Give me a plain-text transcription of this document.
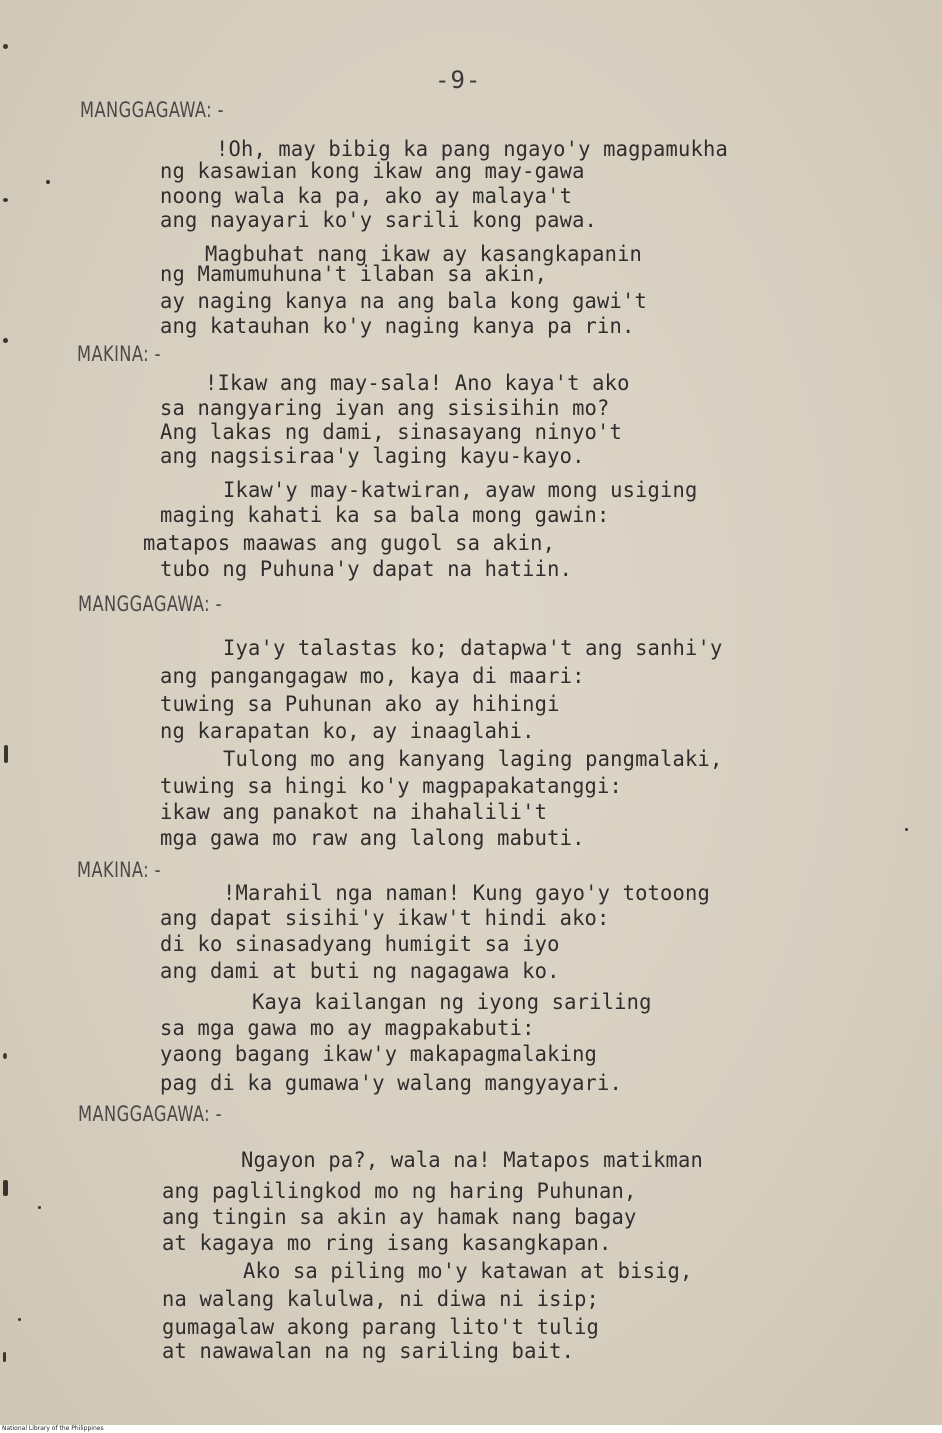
-9-
MANGGAGAWA: -
!Oh, may bibig ka pang ngayo'y magpamukha
ng kasawian kong ikaw ang may-gawa
noong wala ka pa, ako ay malaya't
ang nayayari ko'y sarili kong pawa.
Magbuhat nang ikaw ay kasangkapanin
ng Mamumuhuna't ilaban sa akin,
ay naging kanya na ang bala kong gawi't
ang katauhan ko'y naging kanya pa rin.
MAKINA: -
!Ikaw ang may-sala! Ano kaya't ako
sa nangyaring iyan ang sisisihin mo?
Ang lakas ng dami, sinasayang ninyo't
ang nagsisiraa'y laging kayu-kayo.
Ikaw'y may-katwiran, ayaw mong usiging
maging kahati ka sa bala mong gawin:
matapos maawas ang gugol sa akin,
tubo ng Puhuna'y dapat na hatiin.
MANGGAGAWA: -
Iya'y talastas ko; datapwa't ang sanhi'y
ang pangangagaw mo, kaya di maari:
tuwing sa Puhunan ako ay hihingi
ng karapatan ko, ay inaaglahi.
Tulong mo ang kanyang laging pangmalaki,
tuwing sa hingi ko'y magpapakatanggi:
ikaw ang panakot na ihahalili't
mga gawa mo raw ang lalong mabuti.
MAKINA: -
!Marahil nga naman! Kung gayo'y totoong
ang dapat sisihi'y ikaw't hindi ako:
di ko sinasadyang humigit sa iyo
ang dami at buti ng nagagawa ko.
Kaya kailangan ng iyong sariling
sa mga gawa mo ay magpakabuti:
yaong bagang ikaw'y makapagmalaking
pag di ka gumawa'y walang mangyayari.
MANGGAGAWA: -
Ngayon pa?, wala na! Matapos matikman
ang paglilingkod mo ng haring Puhunan,
ang tingin sa akin ay hamak nang bagay
at kagaya mo ring isang kasangkapan.
Ako sa piling mo'y katawan at bisig,
na walang kalulwa, ni diwa ni isip;
gumagalaw akong parang lito't tulig
at nawawalan na ng sariling bait.
National Library of the Philippines
